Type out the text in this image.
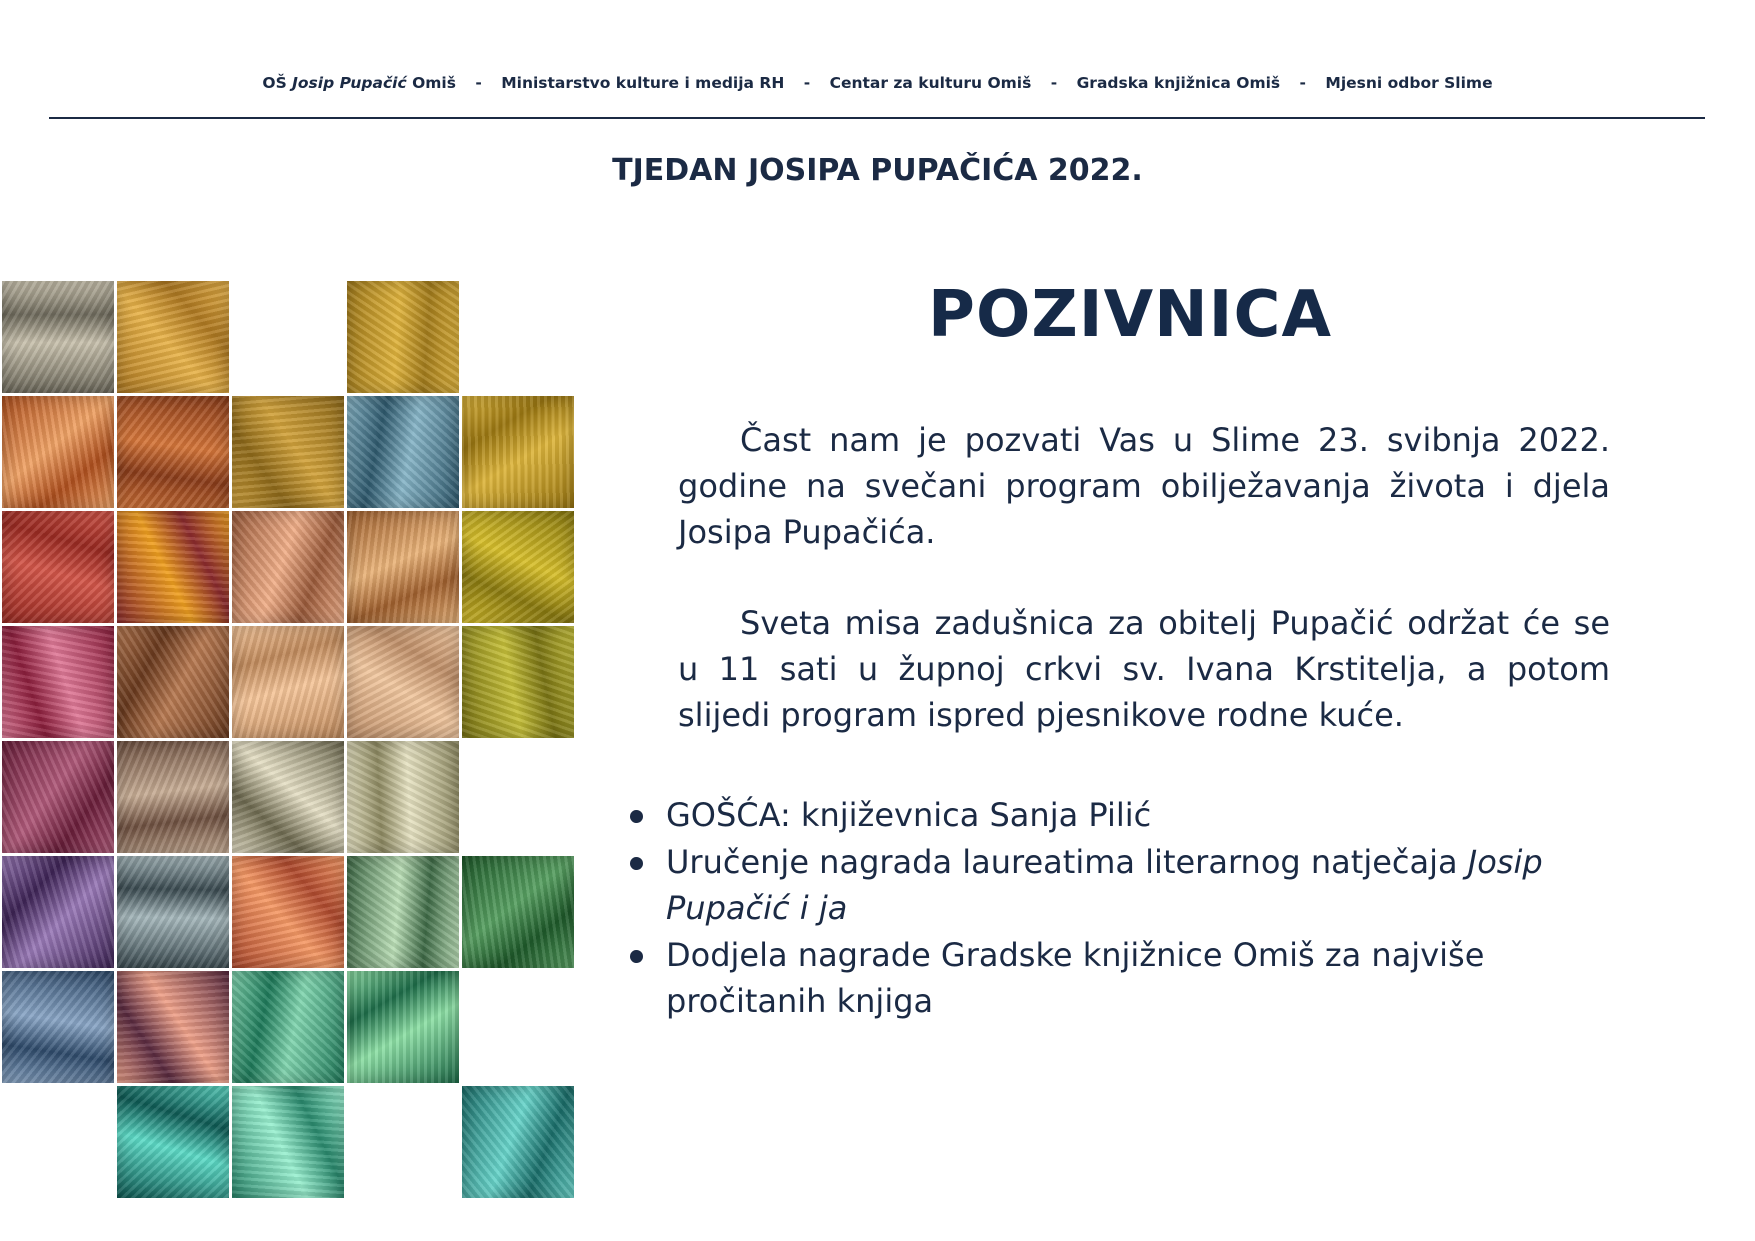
OŠ Josip Pupačić Omiš - Ministarstvo kulture i medija RH - Centar za kulturu Omiš - Gradska knjižnica Omiš - Mjesni odbor Slime
TJEDAN JOSIPA PUPAČIĆA 2022.
POZIVNICA
Čast nam je pozvati Vas u Slime 23. svibnja 2022. godine na svečani program obilježavanja života i djela Josipa Pupačića.
Sveta misa zadušnica za obitelj Pupačić održat će se u 11 sati u župnoj crkvi sv. Ivana Krstitelja, a potom slijedi program ispred pjesnikove rodne kuće.
GOŠĆA: književnica Sanja Pilić
Uručenje nagrada laureatima literarnog natječaja Josip Pupačić i ja
Dodjela nagrade Gradske knjižnice Omiš za najviše pročitanih knjiga
